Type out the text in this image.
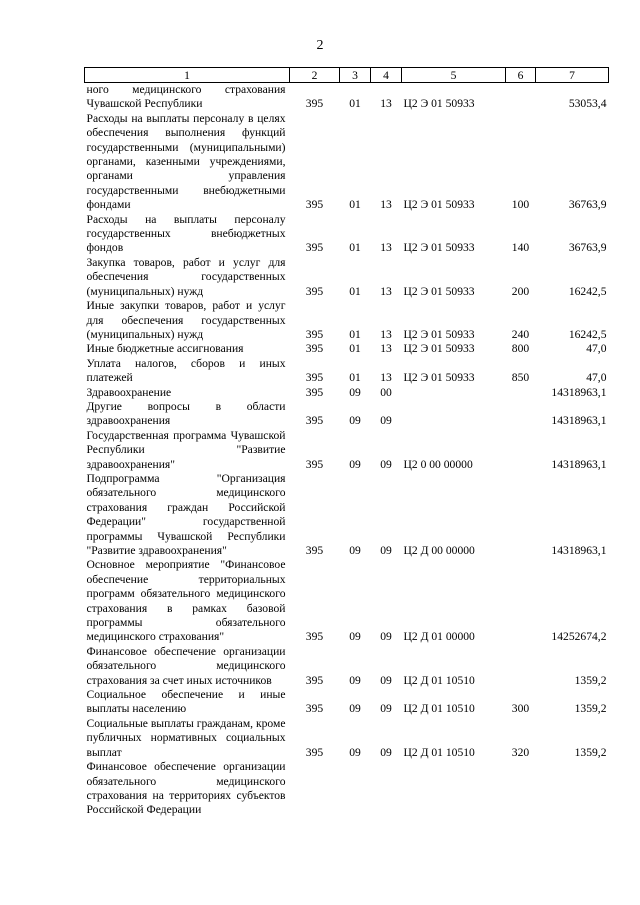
2
1	2	3	4	5	6	7
ного медицинского страхования Чувашской Республики	395	01	13	Ц2 Э 01 50933		53053,4
Расходы на выплаты персоналу в целях обеспечения выполнения функций государственными (муниципальными) органами, казенными учреждениями, органами управления государственными внебюджетными фондами	395	01	13	Ц2 Э 01 50933	100	36763,9
Расходы на выплаты персоналу государственных внебюджетных фондов	395	01	13	Ц2 Э 01 50933	140	36763,9
Закупка товаров, работ и услуг для обеспечения государственных (муниципальных) нужд	395	01	13	Ц2 Э 01 50933	200	16242,5
Иные закупки товаров, работ и услуг для обеспечения государственных (муниципальных) нужд	395	01	13	Ц2 Э 01 50933	240	16242,5
Иные бюджетные ассигнования	395	01	13	Ц2 Э 01 50933	800	47,0
Уплата налогов, сборов и иных платежей	395	01	13	Ц2 Э 01 50933	850	47,0
Здравоохранение	395	09	00			14318963,1
Другие вопросы в области здравоохранения	395	09	09			14318963,1
Государственная программа Чувашской Республики "Развитие здравоохранения"	395	09	09	Ц2 0 00 00000		14318963,1
Подпрограмма "Организация обязательного медицинского страхования граждан Российской Федерации" государственной программы Чувашской Республики "Развитие здравоохранения"	395	09	09	Ц2 Д 00 00000		14318963,1
Основное мероприятие "Финансовое обеспечение территориальных программ обязательного медицинского страхования в рамках базовой программы обязательного медицинского страхования"	395	09	09	Ц2 Д 01 00000		14252674,2
Финансовое обеспечение организации обязательного медицинского страхования за счет иных источников	395	09	09	Ц2 Д 01 10510		1359,2
Социальное обеспечение и иные выплаты населению	395	09	09	Ц2 Д 01 10510	300	1359,2
Социальные выплаты гражданам, кроме публичных нормативных социальных выплат	395	09	09	Ц2 Д 01 10510	320	1359,2
Финансовое обеспечение организации обязательного медицинского страхования на территориях субъектов Российской Федерации						
